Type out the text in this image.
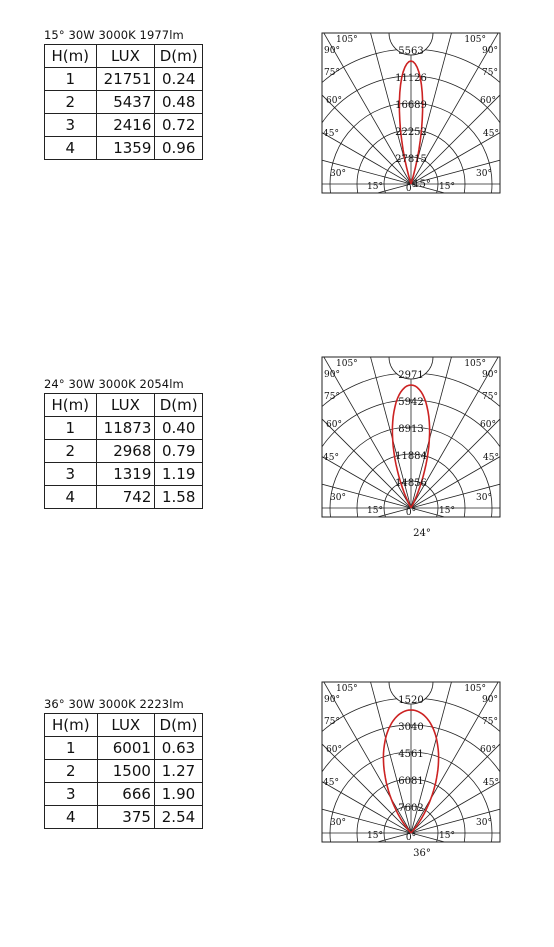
15° 30W 3000K 1977lm
H(m)	LUX	D(m)
1	21751	0.24
2	5437	0.48
3	2416	0.72
4	1359	0.96
5563
11126
16689
22252
27815
105°	105°
90°	90°
75°	75°
60°	60°
45°	45°
30°	30°
15°	15°
0°
15°
24° 30W 3000K 2054lm
H(m)	LUX	D(m)
1	11873	0.40
2	2968	0.79
3	1319	1.19
4	742	1.58
2971
5942
8913
11884
14856
105°	105°
90°	90°
75°	75°
60°	60°
45°	45°
30°	30°
15°	15°
0°
24°
36° 30W 3000K 2223lm
H(m)	LUX	D(m)
1	6001	0.63
2	1500	1.27
3	666	1.90
4	375	2.54
1520
3040
4561
6081
7602
105°	105°
90°	90°
75°	75°
60°	60°
45°	45°
30°	30°
15°	15°
0°
36°
